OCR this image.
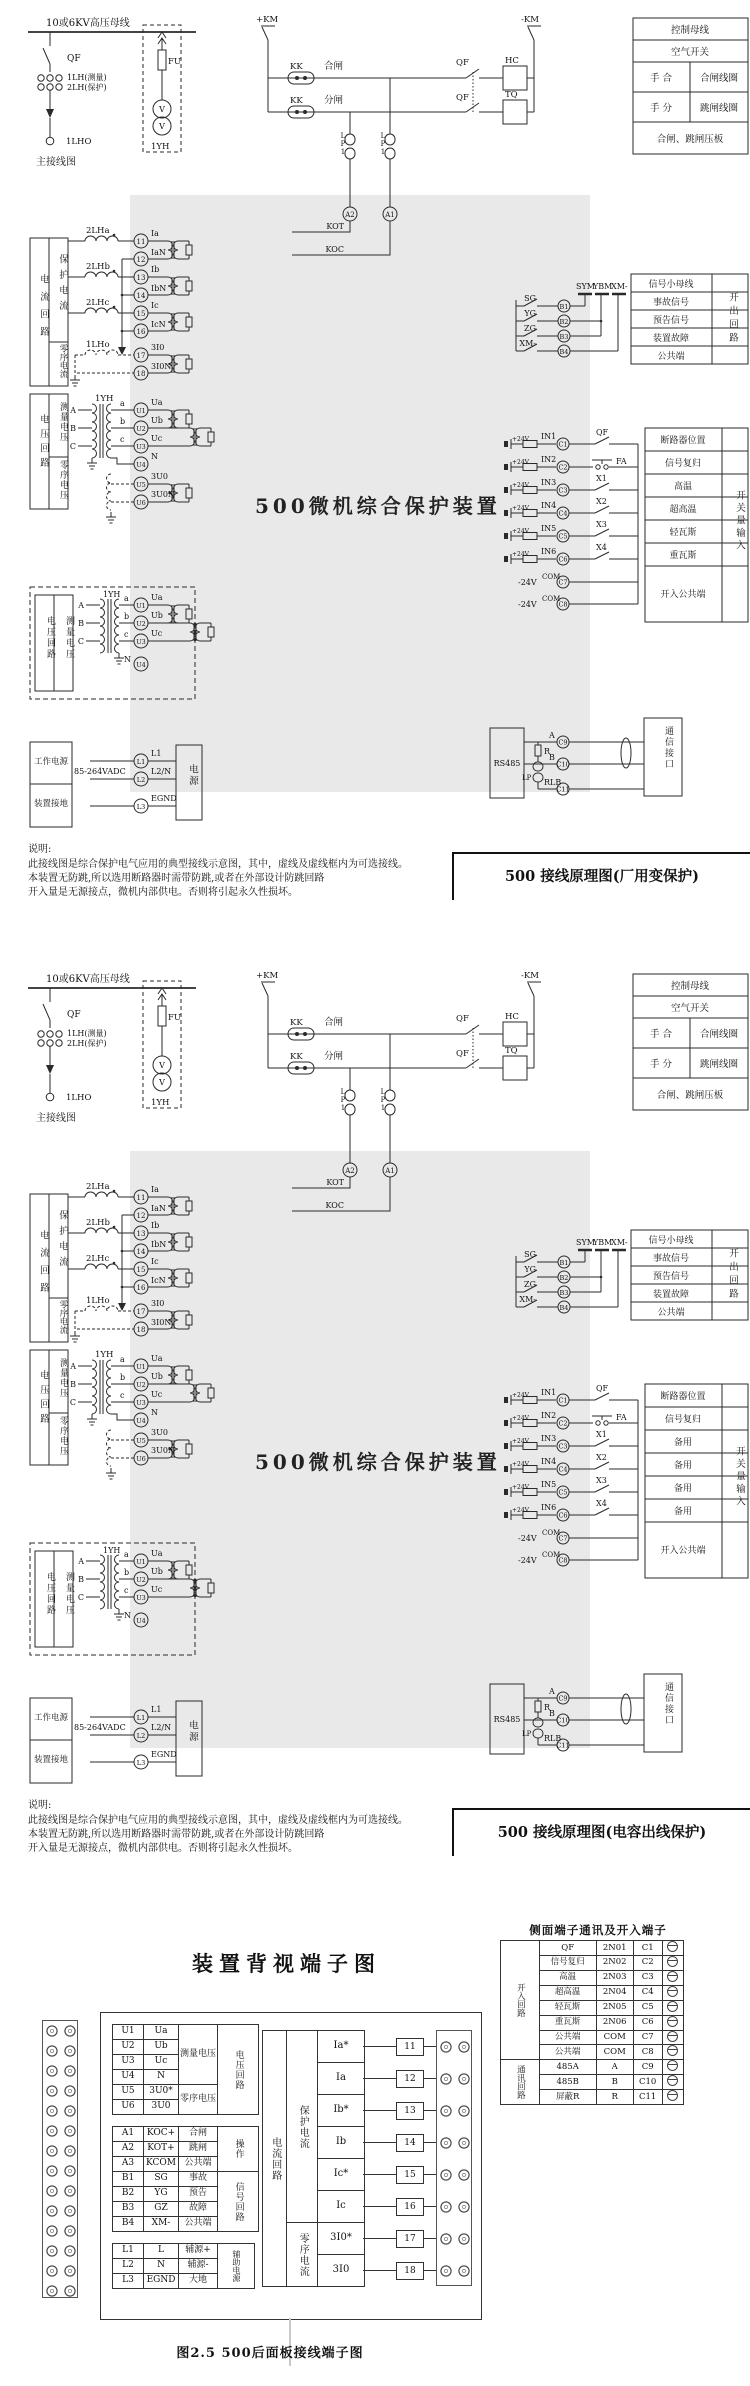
10或6KV高压母线
QF
1LH(测量)
2LH(保护)
1LHO
主接线图
FU
V
V
1YH
+KM	-KM
KK 合闸
KK 分闸
QF	HC
QF	TQ
A2	A1
KOT
KOC
控制母线
空气开关
手 合	合闸线圈
手 分	跳闸线圈
合闸、跳闸压板
2LHa
2LHb
2LHc
1LHo
11
12
13
14
15
16
17
18
Ia
IaN
Ib
IbN
Ic
IcN
3I0
3I0N
A
B
C
1YH a
b
c
U1
U2
U3
U4
U5
U6
Ua
Ub
Uc
N
3U0
3U0N
SG
YG
ZG
XM-
B1
B2
B3
B4
SYM
YBM
XM- 信号小母线
事故信号
预告信号
装置故障
公共端
+24V
+24V
+24V
+24V
+24V
+24V
IN1
IN2
IN3
IN4
IN5
IN6
C1
C2
C3
C4
C5
C6
QF
FA
X1
X2
X3
X4
-24V
-24V
COM
COM
C7
C8
断路器位置
信号复归
高温
超高温
轻瓦斯
重瓦斯
开入公共端
A
B
C
1YH a
b
c
N
U1
U2
U3
U4
Ua
Ub
Uc
85-264VADC
L1
L2
L3
L1
L2/N
EGND
RS485
A
B
R
RLB
LP
C9
C10
C11
500微机综合保护装置
电流回路 保护电流
零序电流
电压回路	测量电压
零序电压
LP1	LP1
开出回路
开关量输入
电压回路	测量电压
工作电源
装置接地
电源
通信接口
说明:
此接线图是综合保护电气应用的典型接线示意图，其中，虚线及虚线框内为可选接线。
本装置无防跳,所以选用断路器时需带防跳,或者在外部设计防跳回路
开入量是无源接点，微机内部供电。否则将引起永久性损坏。
500 接线原理图(厂用变保护)
10或6KV高压母线
QF
1LH(测量)
2LH(保护)
1LHO
主接线图
FU
V
V
1YH
+KM	-KM
KK 合闸
KK 分闸
QF	HC
QF	TQ
A2	A1
KOT
KOC
控制母线
空气开关
手 合	合闸线圈
手 分	跳闸线圈
合闸、跳闸压板
2LHa
2LHb
2LHc
1LHo
11
12
13
14
15
16
17
18
Ia
IaN
Ib
IbN
Ic
IcN
3I0
3I0N
A
B
C
1YH a
b
c
U1
U2
U3
U4
U5
U6
Ua
Ub
Uc
N
3U0
3U0N
SG
YG
ZG
XM-
B1
B2
B3
B4
SYM
YBM
XM- 信号小母线
事故信号
预告信号
装置故障
公共端
+24V
+24V
+24V
+24V
+24V
+24V
IN1
IN2
IN3
IN4
IN5
IN6
C1
C2
C3
C4
C5
C6
QF
FA
X1
X2
X3
X4
-24V
-24V
COM
COM
C7
C8
断路器位置
信号复归
备用
备用
备用
备用
开入公共端
A
B
C
1YH a
b
c
N
U1
U2
U3
U4
Ua
Ub
Uc
85-264VADC
L1
L2
L3
L1
L2/N
EGND
RS485
A
B
R
RLB
LP
C9
C10
C11
500微机综合保护装置
电流回路 保护电流
零序电流
电压回路	测量电压
零序电压
LP1	LP1
开出回路
开关量输入
电压回路	测量电压
工作电源
装置接地
电源
通信接口
说明:
此接线图是综合保护电气应用的典型接线示意图，其中，虚线及虚线框内为可选接线。
本装置无防跳,所以选用断路器时需带防跳,或者在外部设计防跳回路
开入量是无源接点，微机内部供电。否则将引起永久性损坏。
500 接线原理图(电容出线保护)
装置背视端子图
U1	Ua	测量电压	电压回路
U2	Ub		
U3	Uc		
U4	N		
U5	3U0*	零序电压	
U6	3U0		
A1	KOC+	合闸	操作
A2	KOT+	跳闸	
A3	KCOM	公共端	
B1	SG	事故	信号回路
B2	YG	预告	
B3	GZ	故障	
B4	XM-	公共端	
L1	L	辅源+	辅助电源
L2	N	辅源-	
L3	EGND	大地	
电流回路	保护电流	Ia*
		Ia
		Ib*
		Ib
		Ic*
		Ic
	零序电流	3I0*
		3I0
11
12
13
14
15
16
17
18
侧面端子通讯及开入端子
开入回路	QF	2N01	C1	
	信号复归	2N02	C2	
	高温	2N03	C3	
	超高温	2N04	C4	
	轻瓦斯	2N05	C5	
	重瓦斯	2N06	C6	
	公共端	COM	C7	
	公共端	COM	C8	
通讯回路	485A	A	C9	
	485B	B	C10	
	屏蔽R	R	C11	
图2.5 500后面板接线端子图
